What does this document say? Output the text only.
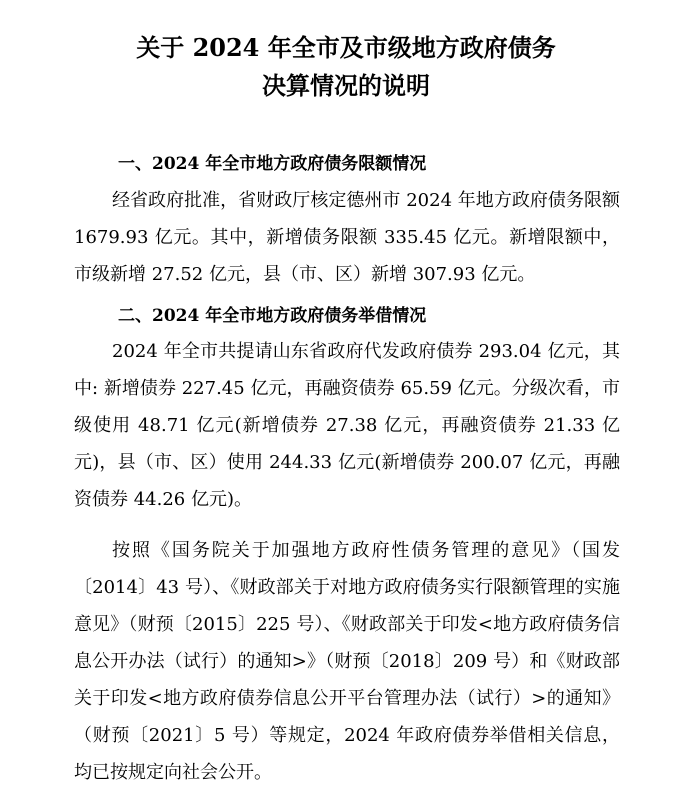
关于 2024 年全市及市级地方政府债务
决算情况的说明
一、2024 年全市地方政府债务限额情况
经省政府批准，省财政厅核定德州市 2024 年地方政府债务限额 1679.93 亿元。其中，新增债务限额 335.45 亿元。新增限额中，市级新增 27.52 亿元，县（市、区）新增 307.93 亿元。
二、2024 年全市地方政府债务举借情况
2024 年全市共提请山东省政府代发政府债券 293.04 亿元，其中: 新增债券 227.45 亿元，再融资债券 65.59 亿元。分级次看，市级使用 48.71 亿元(新增债券 27.38 亿元，再融资债券 21.33 亿元)，县（市、区）使用 244.33 亿元(新增债券 200.07 亿元，再融资债券 44.26 亿元)。
按照《国务院关于加强地方政府性债务管理的意见》（国发〔2014〕43 号）、《财政部关于对地方政府债务实行限额管理的实施意见》（财预〔2015〕225 号）、《财政部关于印发<地方政府债务信息公开办法（试行）的通知>》（财预〔2018〕209 号）和《财政部关于印发<地方政府债券信息公开平台管理办法（试行）>的通知》（财预〔2021〕5 号）等规定，2024 年政府债券举借相关信息，均已按规定向社会公开。
